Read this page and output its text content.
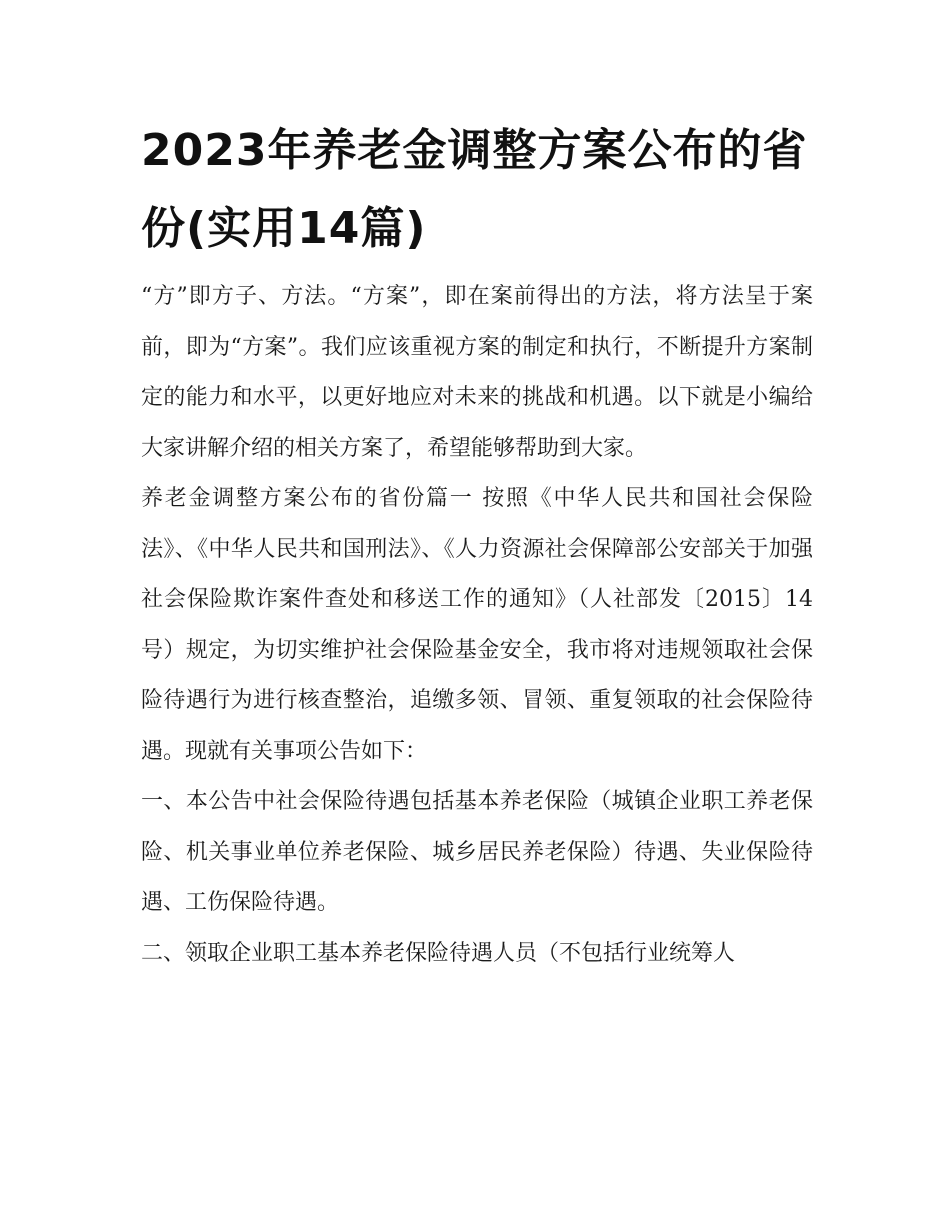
2023年养老金调整方案公布的省份(实用14篇)

“方”即方子、方法。“方案”，即在案前得出的方法，将方法呈于案前，即为“方案”。我们应该重视方案的制定和执行，不断提升方案制定的能力和水平，以更好地应对未来的挑战和机遇。以下就是小编给大家讲解介绍的相关方案了，希望能够帮助到大家。

养老金调整方案公布的省份篇一 按照《中华人民共和国社会保险法》、《中华人民共和国刑法》、《人力资源社会保障部公安部关于加强社会保险欺诈案件查处和移送工作的通知》（人社部发〔2015〕14号）规定，为切实维护社会保险基金安全，我市将对违规领取社会保险待遇行为进行核查整治，追缴多领、冒领、重复领取的社会保险待遇。现就有关事项公告如下：

一、本公告中社会保险待遇包括基本养老保险（城镇企业职工养老保险、机关事业单位养老保险、城乡居民养老保险）待遇、失业保险待遇、工伤保险待遇。

二、领取企业职工基本养老保险待遇人员（不包括行业统筹人
